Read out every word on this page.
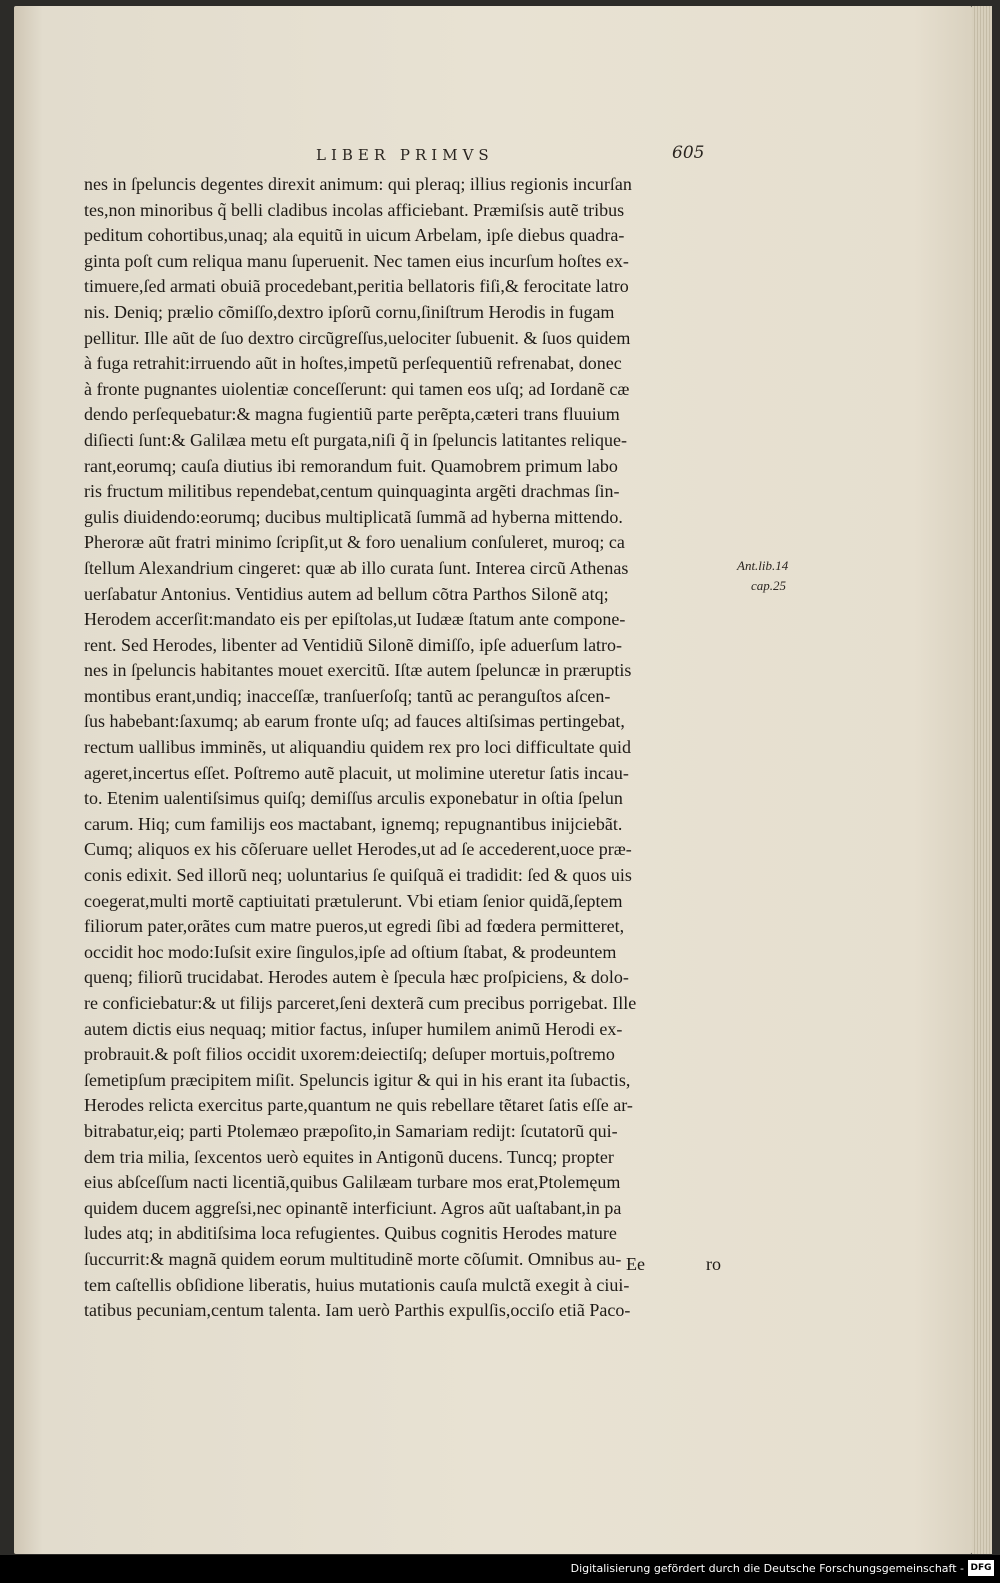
LIBER PRIMVS	605
nes in ſpeluncis degentes direxit animum: qui pleraq; illius regionis incurſan
tes,non minoribus q̃ belli cladibus incolas afficiebant. Præmiſsis autẽ tribus
peditum cohortibus,unaq; ala equitũ in uicum Arbelam, ipſe diebus quadra-
ginta poſt cum reliqua manu ſuperuenit. Nec tamen eius incurſum hoſtes ex-
timuere,ſed armati obuiã procedebant,peritia bellatoris fiſi,& ferocitate latro
nis. Deniq; prælio cõmiſſo,dextro ipſorũ cornu,ſiniſtrum Herodis in fugam
pellitur. Ille aũt de ſuo dextro circũgreſſus,uelociter ſubuenit. & ſuos quidem
à fuga retrahit:irruendo aũt in hoſtes,impetũ perſequentiũ refrenabat, donec
à fronte pugnantes uiolentiæ conceſſerunt: qui tamen eos uſq; ad Iordanẽ cæ
dendo perſequebatur:& magna fugientiũ parte perẽpta,cæteri trans fluuium
diſiecti ſunt:& Galilæa metu eſt purgata,niſi q̃ in ſpeluncis latitantes relique-
rant,eorumq; cauſa diutius ibi remorandum fuit. Quamobrem primum labo
ris fructum militibus rependebat,centum quinquaginta argẽti drachmas ſin-
gulis diuidendo:eorumq; ducibus multiplicatã ſummã ad hyberna mittendo.
Pheroræ aũt fratri minimo ſcripſit,ut & foro uenalium conſuleret, muroq; ca
ſtellum Alexandrium cingeret: quæ ab illo curata ſunt. Interea circũ Athenas
uerſabatur Antonius. Ventidius autem ad bellum cõtra Parthos Silonẽ atq;
Herodem accerſit:mandato eis per epiſtolas,ut Iudææ ſtatum ante compone-
rent. Sed Herodes, libenter ad Ventidiũ Silonẽ dimiſſo, ipſe aduerſum latro-
nes in ſpeluncis habitantes mouet exercitũ. Iſtæ autem ſpeluncæ in præruptis
montibus erant,undiq; inacceſſæ, tranſuerſoſq; tantũ ac peranguſtos aſcen-
ſus habebant:ſaxumq; ab earum fronte uſq; ad fauces altiſsimas pertingebat,
rectum uallibus imminẽs, ut aliquandiu quidem rex pro loci difficultate quid
ageret,incertus eſſet. Poſtremo autẽ placuit, ut molimine uteretur ſatis incau-
to. Etenim ualentiſsimus quiſq; demiſſus arculis exponebatur in oſtia ſpelun
carum. Hiq; cum familijs eos mactabant, ignemq; repugnantibus inijciebãt.
Cumq; aliquos ex his cõſeruare uellet Herodes,ut ad ſe accederent,uoce præ-
conis edixit. Sed illorũ neq; uoluntarius ſe quiſquã ei tradidit: ſed & quos uis
coegerat,multi mortẽ captiuitati prætulerunt. Vbi etiam ſenior quidã,ſeptem
filiorum pater,orãtes cum matre pueros,ut egredi ſibi ad fœdera permitteret,
occidit hoc modo:Iuſsit exire ſingulos,ipſe ad oſtium ſtabat, & prodeuntem
quenq; filiorũ trucidabat. Herodes autem è ſpecula hæc proſpiciens, & dolo-
re conficiebatur:& ut filijs parceret,ſeni dexterã cum precibus porrigebat. Ille
autem dictis eius nequaq; mitior factus, inſuper humilem animũ Herodi ex-
probrauit.& poſt filios occidit uxorem:deiectiſq; deſuper mortuis,poſtremo
ſemetipſum præcipitem miſit. Speluncis igitur & qui in his erant ita ſubactis,
Herodes relicta exercitus parte,quantum ne quis rebellare tẽtaret ſatis eſſe ar-
bitrabatur,eiq; parti Ptolemæo præpoſito,in Samariam redijt: ſcutatorũ qui-
dem tria milia, ſexcentos uerò equites in Antigonũ ducens. Tuncq; propter
eius abſceſſum nacti licentiã,quibus Galilæam turbare mos erat,Ptolemęum
quidem ducem aggreſsi,nec opinantẽ interficiunt. Agros aũt uaſtabant,in pa
ludes atq; in abditiſsima loca refugientes. Quibus cognitis Herodes mature
ſuccurrit:& magnã quidem eorum multitudinẽ morte cõſumit. Omnibus au-
tem caſtellis obſidione liberatis, huius mutationis cauſa mulctã exegit à ciui-
tatibus pecuniam,centum talenta. Iam uerò Parthis expulſis,occiſo etiã Paco-
Ant.lib.14
cap.25
Ee	ro
Digitalisierung gefördert durch die Deutsche Forschungsgemeinschaft - DFG
